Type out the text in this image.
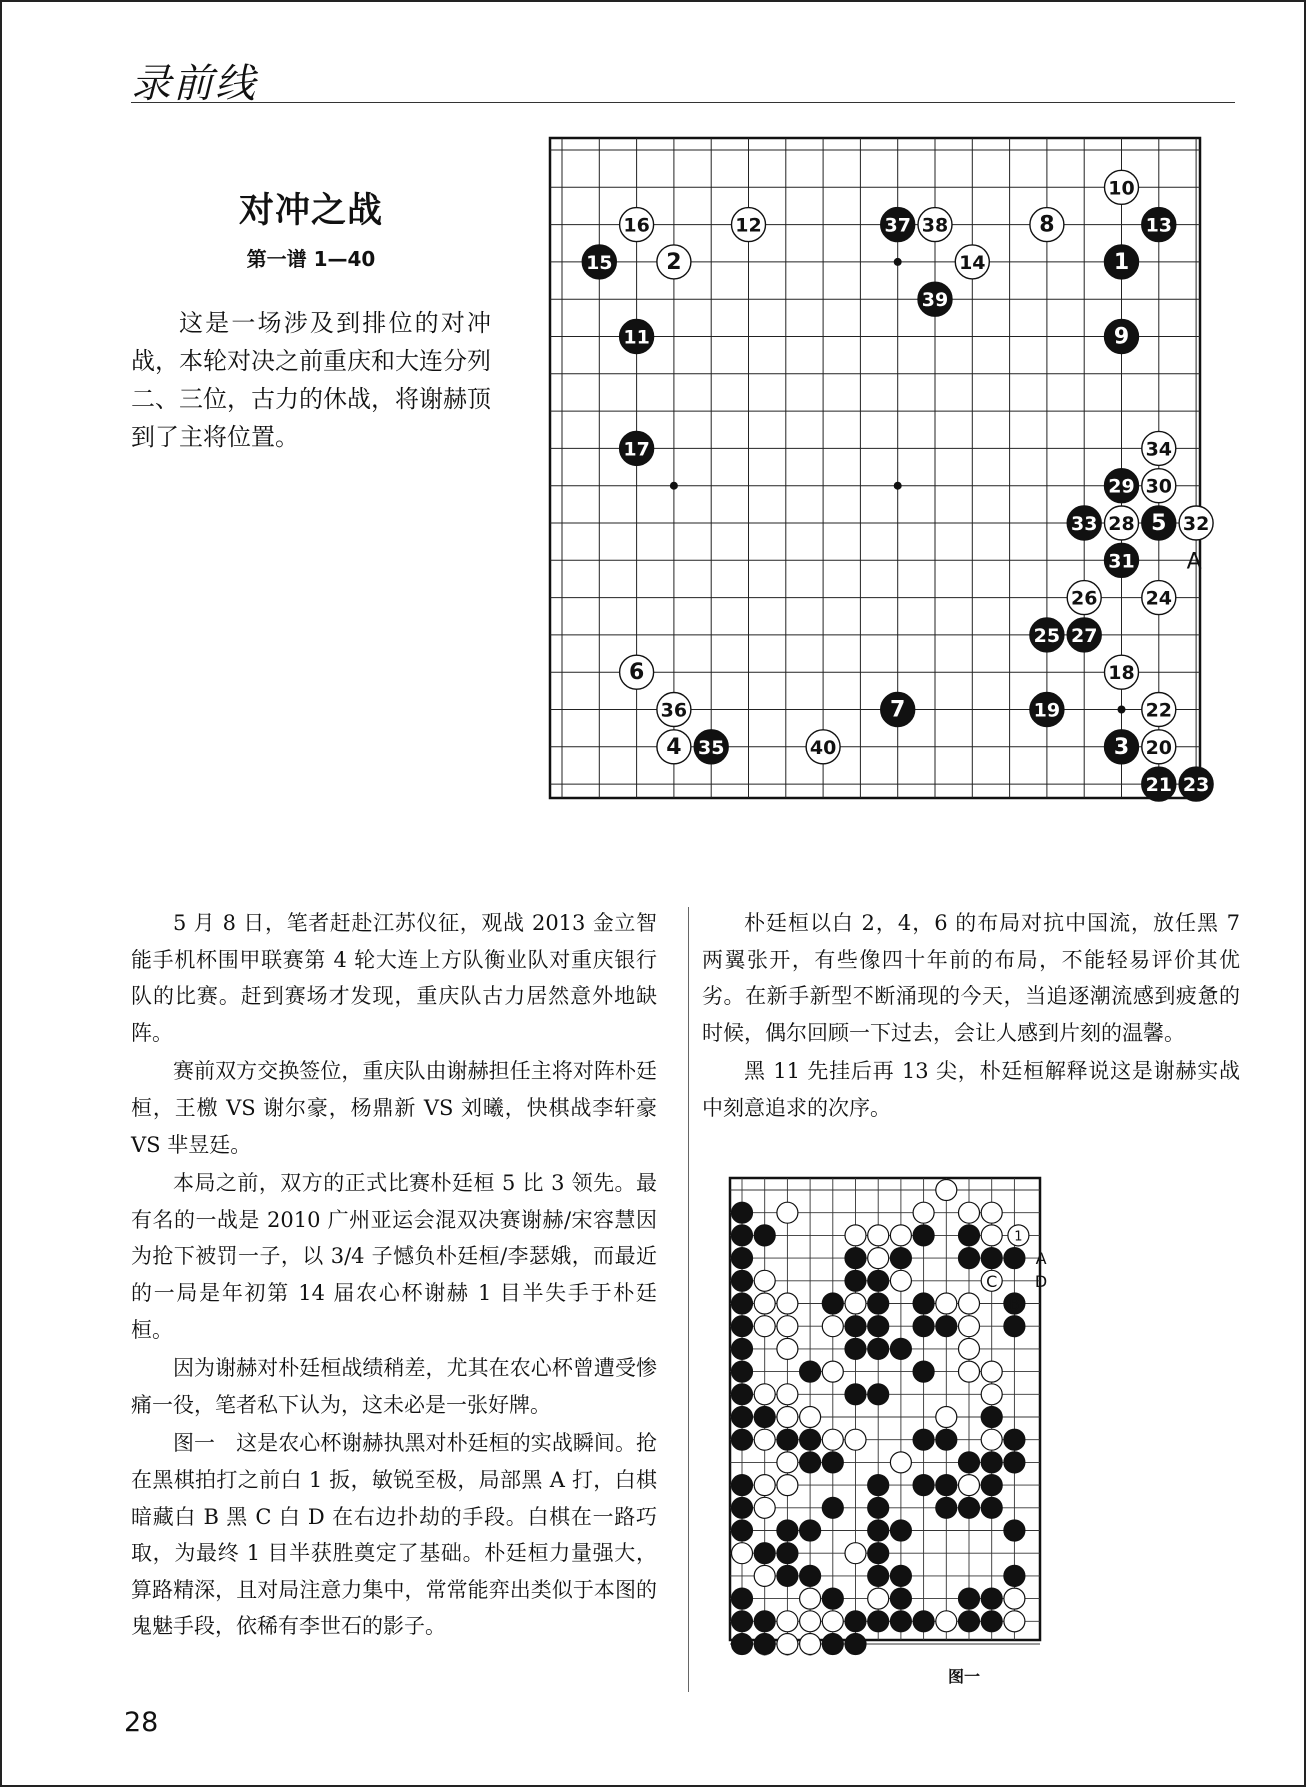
录前线
对冲之战
第一谱 1—40

这是一场涉及到排位的对冲战，本轮对决之前重庆和大连分列二、三位，古力的休战，将谢赫顶到了主将位置。

1
2
3
4
5
6
7
8
9
10
11
12	13
14
15
16
17
18
19
20
21
22
23
24
25
26
27
28
29 30
31
32
33
34
35
36
37 38
39
40
A

5 月 8 日，笔者赶赴江苏仪征，观战 2013 金立智能手机杯围甲联赛第 4 轮大连上方队衡业队对重庆银行队的比赛。赶到赛场才发现，重庆队古力居然意外地缺阵。

赛前双方交换签位，重庆队由谢赫担任主将对阵朴廷桓，王檄 VS 谢尔豪，杨鼎新 VS 刘曦，快棋战李轩豪 VS 芈昱廷。

本局之前，双方的正式比赛朴廷桓 5 比 3 领先。最有名的一战是 2010 广州亚运会混双决赛谢赫/宋容慧因为抢下被罚一子，以 3/4 子憾负朴廷桓/李瑟娥，而最近的一局是年初第 14 届农心杯谢赫 1 目半失手于朴廷桓。

因为谢赫对朴廷桓战绩稍差，尤其在农心杯曾遭受惨痛一役，笔者私下认为，这未必是一张好牌。

图一　这是农心杯谢赫执黑对朴廷桓的实战瞬间。抢在黑棋拍打之前白 1 扳，敏锐至极，局部黑 A 打，白棋暗藏白 B 黑 C 白 D 在右边扑劫的手段。白棋在一路巧取，为最终 1 目半获胜奠定了基础。朴廷桓力量强大，算路精深，且对局注意力集中，常常能弈出类似于本图的鬼魅手段，依稀有李世石的影子。

朴廷桓以白 2，4，6 的布局对抗中国流，放任黑 7 两翼张开，有些像四十年前的布局，不能轻易评价其优劣。在新手新型不断涌现的今天，当追逐潮流感到疲惫的时候，偶尔回顾一下过去，会让人感到片刻的温馨。

黑 11 先挂后再 13 尖，朴廷桓解释说这是谢赫实战中刻意追求的次序。

1
A
D
C
B
图一
28
